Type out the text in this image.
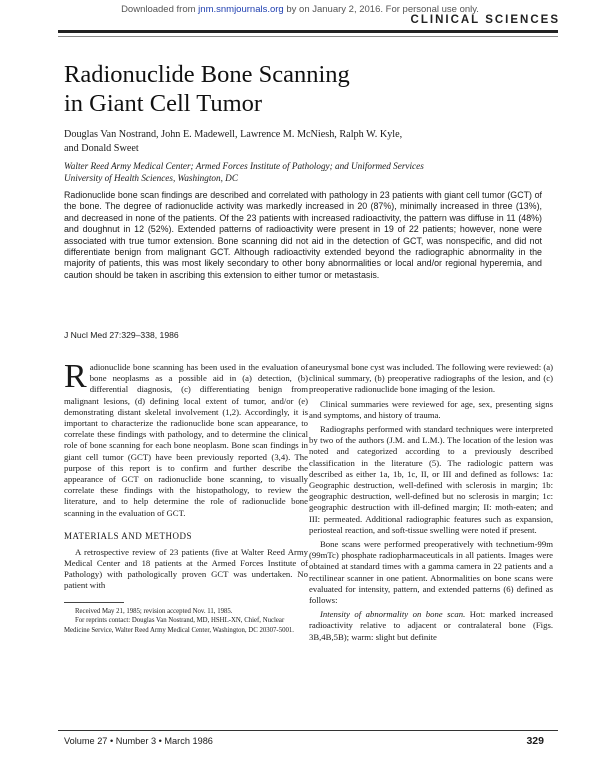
Downloaded from jnm.snmjournals.org by on January 2, 2016. For personal use only.
CLINICAL SCIENCES
Radionuclide Bone Scanning
in Giant Cell Tumor
Douglas Van Nostrand, John E. Madewell, Lawrence M. McNiesh, Ralph W. Kyle,
and Donald Sweet
Walter Reed Army Medical Center; Armed Forces Institute of Pathology; and Uniformed Services
University of Health Sciences, Washington, DC
Radionuclide bone scan findings are described and correlated with pathology in 23 patients with giant cell tumor (GCT) of the bone. The degree of radionuclide activity was markedly increased in 20 (87%), minimally increased in three (13%), and decreased in none of the patients. Of the 23 patients with increased radioactivity, the pattern was diffuse in 11 (48%) and doughnut in 12 (52%). Extended patterns of radioactivity were present in 19 of 22 patients; however, none were associated with true tumor extension. Bone scanning did not aid in the detection of GCT, was nonspecific, and did not differentiate benign from malignant GCT. Although radioactivity extended beyond the radiographic abnormality in the majority of patients, this was most likely secondary to other bony abnormalities or local and/or regional hyperemia, and caution should be taken in ascribing this extension to either tumor or metastasis.
J Nucl Med 27:329–338, 1986

Radionuclide bone scanning has been used in the evaluation of bone neoplasms as a possible aid in (a) detection, (b) differential diagnosis, (c) differentiating benign from malignant lesions, (d) defining local extent of tumor, and/or (e) demonstrating distant skeletal involvement (1,2). Accordingly, it is important to characterize the radionuclide bone scan appearance, to correlate these findings with pathology, and to determine the clinical role of bone scanning for each bone neoplasm. Bone scan findings in giant cell tumor (GCT) have been previously reported (3,4). The purpose of this report is to confirm and further describe the appearance of GCT on radionuclide bone scanning, to visually correlate these findings with the histopathology, to review the literature, and to help determine the role of radionuclide bone scanning in the evaluation of GCT.

MATERIALS AND METHODS

A retrospective review of 23 patients (five at Walter Reed Army Medical Center and 18 patients at the Armed Forces Institute of Pathology) with pathologically proven GCT was undertaken. No patient with

Received May 21, 1985; revision accepted Nov. 11, 1985.
For reprints contact: Douglas Van Nostrand, MD, HSHL-XN, Chief, Nuclear Medicine Service, Walter Reed Army Medical Center, Washington, DC 20307-5001.

aneurysmal bone cyst was included. The following were reviewed: (a) clinical summary, (b) preoperative radiographs of the lesion, and (c) preoperative radionuclide bone imaging of the lesion.

Clinical summaries were reviewed for age, sex, presenting signs and symptoms, and history of trauma.

Radiographs performed with standard techniques were interpreted by two of the authors (J.M. and L.M.). The location of the lesion was noted and categorized according to a previously described classification in the literature (5). The radiologic pattern was described as either 1a, 1b, 1c, II, or III and defined as follows: 1a: Geographic destruction, well-defined with sclerosis in margin; 1b: geographic destruction, well-defined but no sclerosis in margin; 1c: geographic destruction with ill-defined margin; II: moth-eaten; and III: permeated. Additional radiographic features such as expansion, periosteal reaction, and soft-tissue swelling were noted if present.

Bone scans were performed preoperatively with technetium-99m (99mTc) phosphate radiopharmaceuticals in all patients. Images were obtained at standard times with a gamma camera in 22 patients and a rectilinear scanner in one patient. Abnormalities on bone scans were evaluated for intensity, pattern, and extended patterns (6) defined as follows:

Intensity of abnormality on bone scan. Hot: marked increased radioactivity relative to adjacent or contralateral bone (Figs. 3B,4B,5B); warm: slight but definite

Volume 27 • Number 3 • March 1986	329
